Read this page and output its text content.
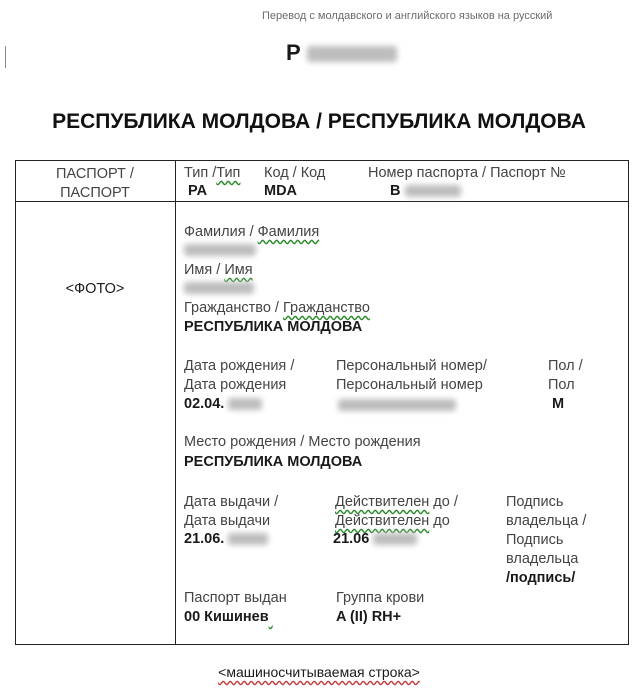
Перевод с молдавского и английского языков на русский
Р
РЕСПУБЛИКА МОЛДОВА / РЕСПУБЛИКА МОЛДОВА
ПАСПОРТ /
ПАСПОРТ
<ФОТО>
Тип /Тип
PA
Код / Код
MDA
Номер паспорта / Паспорт №
В
Фамилия / Фамилия
Имя / Имя
Гражданство / Гражданство
РЕСПУБЛИКА МОЛДОВА
Дата рождения /
Дата рождения
02.04.
Персональный номер/
Персональный номер
Пол /
Пол
М
Место рождения / Место рождения
РЕСПУБЛИКА МОЛДОВА
Дата выдачи /
Дата выдачи
21.06.
Действителен до /
Действителен до
21.06
Подпись
владельца /
Подпись
владельца
/подпись/
Паспорт выдан
00 Кишинев
Группа крови
A (II) RH+
<машиносчитываемая строка>
